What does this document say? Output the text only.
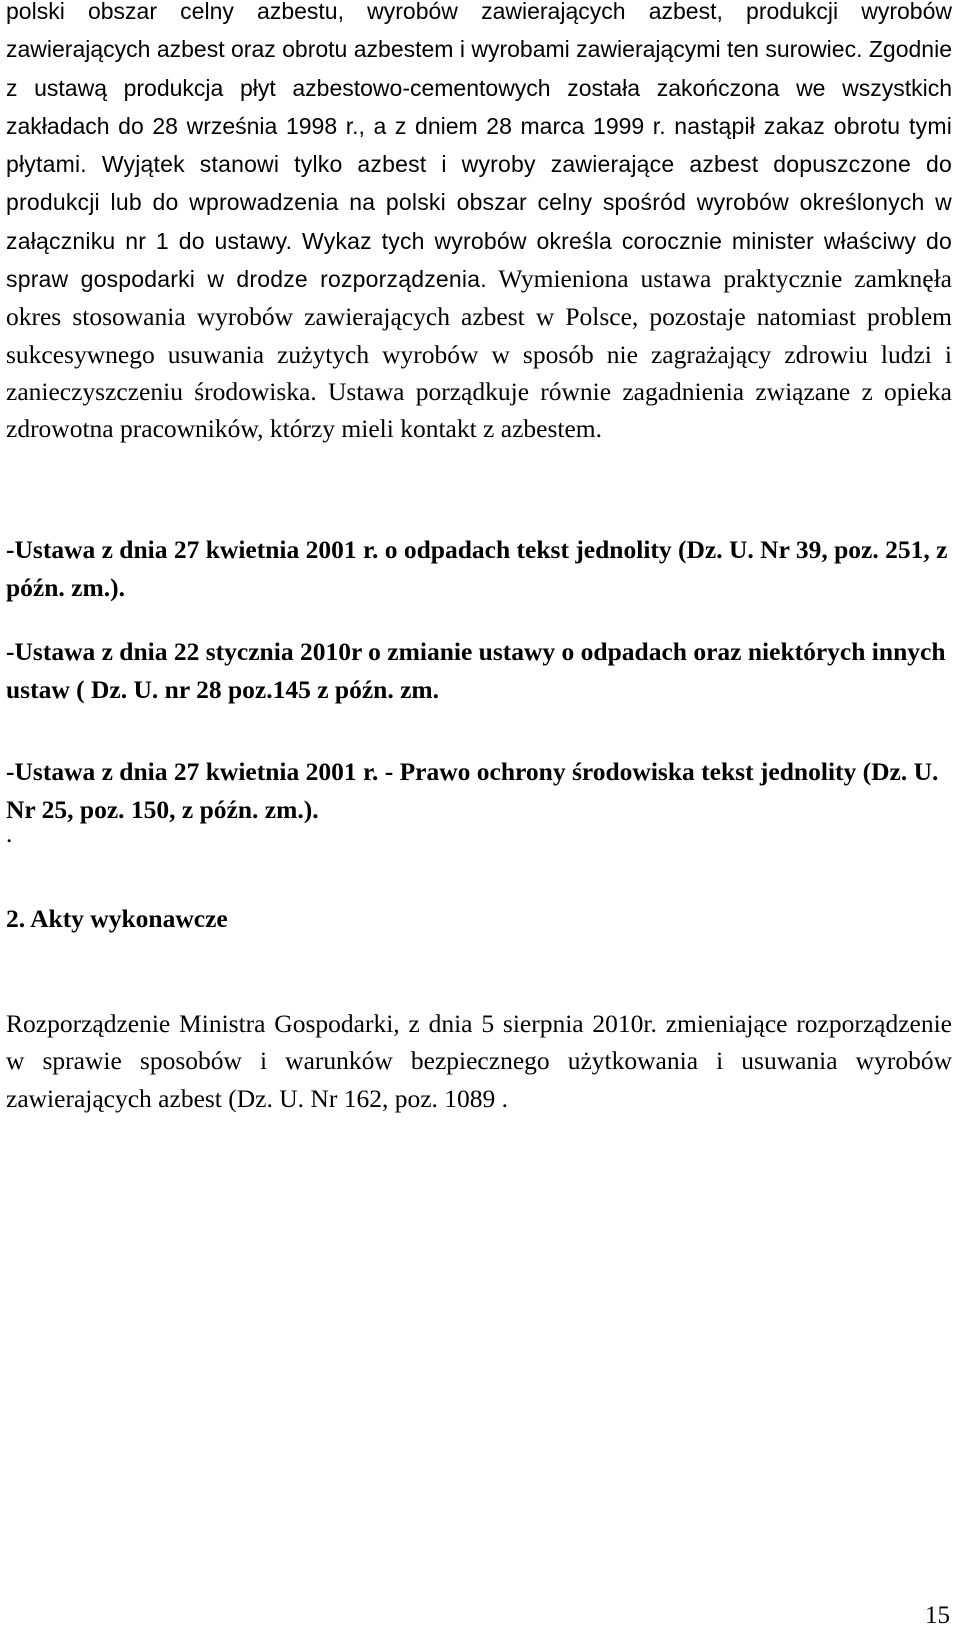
polski obszar celny azbestu, wyrobów zawierających azbest, produkcji wyrobów zawierających azbest oraz obrotu azbestem i wyrobami zawierającymi ten surowiec. Zgodnie z ustawą produkcja płyt azbestowo-cementowych została zakończona we wszystkich zakładach do 28 września 1998 r., a z dniem 28 marca 1999 r. nastąpił zakaz obrotu tymi płytami. Wyjątek stanowi tylko azbest i wyroby zawierające azbest dopuszczone do produkcji lub do wprowadzenia na polski obszar celny spośród wyrobów określonych w załączniku nr 1 do ustawy. Wykaz tych wyrobów określa corocznie minister właściwy do spraw gospodarki w drodze rozporządzenia. Wymieniona ustawa praktycznie zamknęła okres stosowania wyrobów zawierających azbest w Polsce, pozostaje natomiast problem sukcesywnego usuwania zużytych wyrobów w sposób nie zagrażający zdrowiu ludzi i zanieczyszczeniu środowiska. Ustawa porządkuje równie zagadnienia związane z opieka zdrowotna pracowników, którzy mieli kontakt z azbestem.

-Ustawa z dnia 27 kwietnia 2001 r. o odpadach tekst jednolity (Dz. U. Nr 39, poz. 251, z późn. zm.).

-Ustawa z dnia 22 stycznia 2010r o zmianie ustawy o odpadach oraz niektórych innych ustaw ( Dz. U. nr 28 poz.145 z późn. zm.

-Ustawa z dnia 27 kwietnia 2001 r. - Prawo ochrony środowiska tekst jednolity (Dz. U. Nr 25, poz. 150, z późn. zm.).

.

2. Akty wykonawcze

Rozporządzenie Ministra Gospodarki, z dnia 5 sierpnia 2010r. zmieniające rozporządzenie w sprawie sposobów i warunków bezpiecznego użytkowania i usuwania wyrobów zawierających azbest (Dz. U. Nr 162, poz. 1089 .

15
